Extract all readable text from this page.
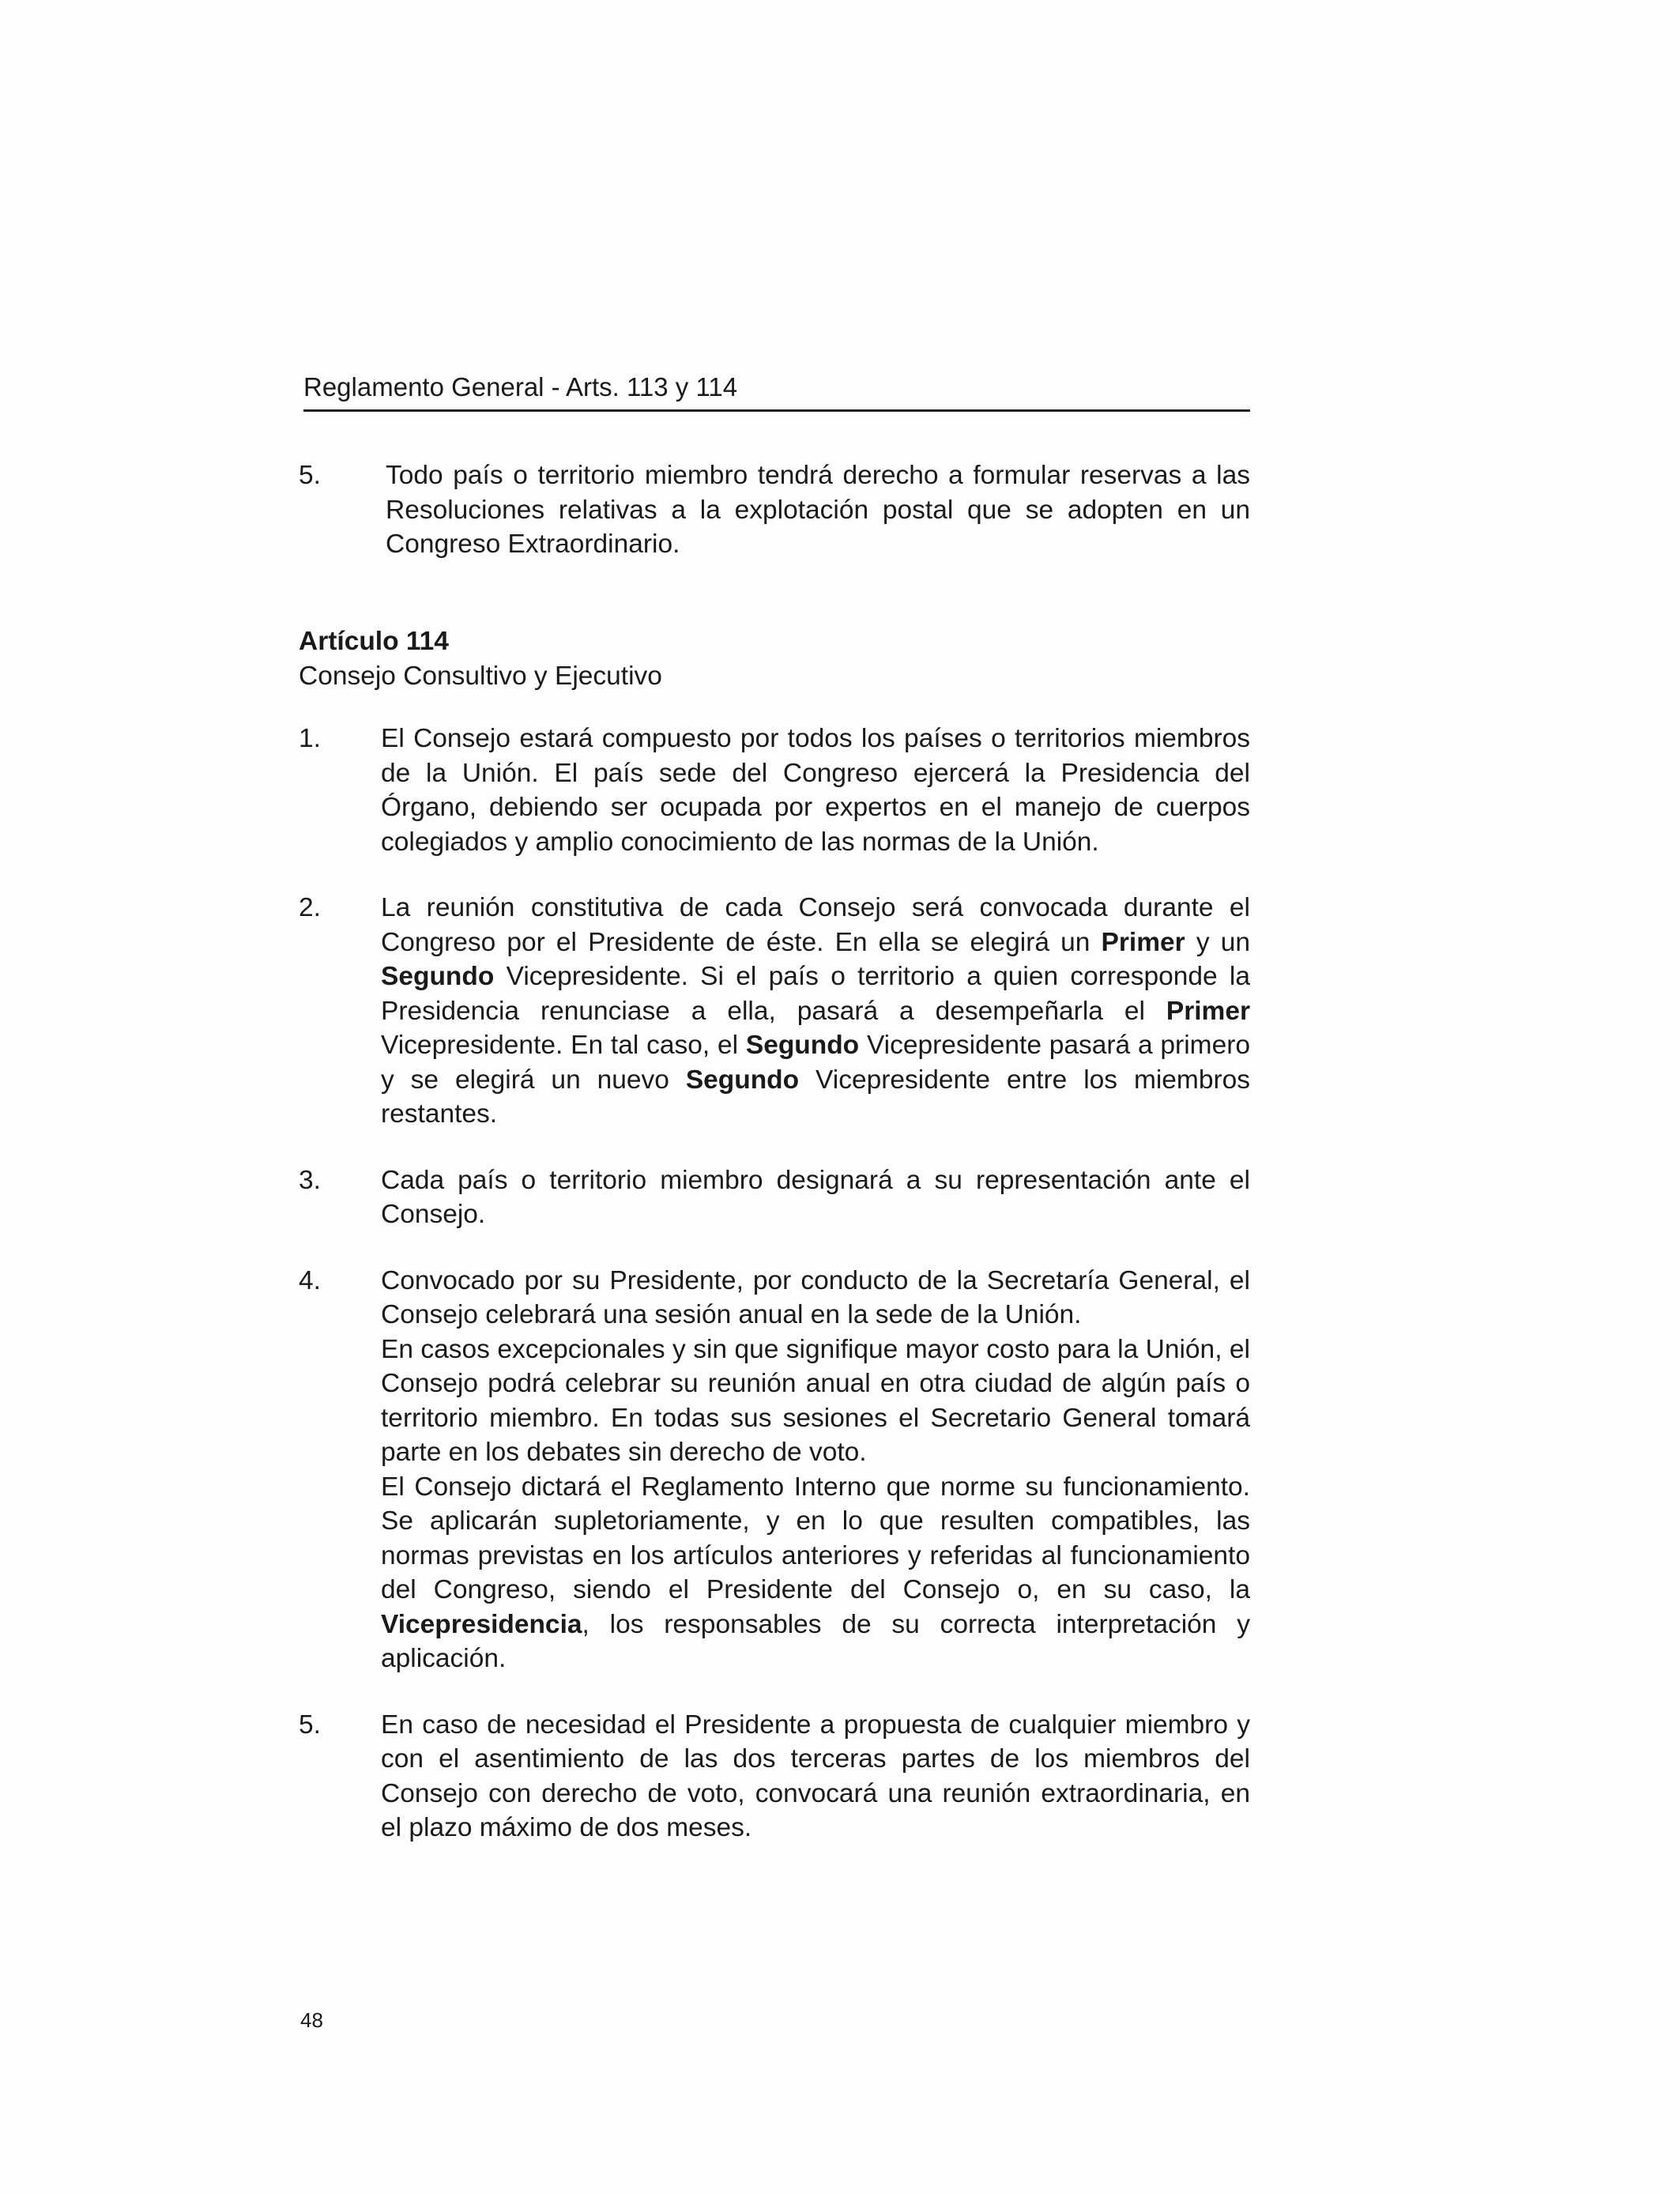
Reglamento General - Arts. 113 y 114
5.	Todo país o territorio miembro tendrá derecho a formular reservas a las Resoluciones relativas a la explotación postal que se adopten en un Congreso Extraordinario.
Artículo 114
Consejo Consultivo y Ejecutivo
1.	El Consejo estará compuesto por todos los países o territorios miembros de la Unión. El país sede del Congreso ejercerá la Presidencia del Órgano, debiendo ser ocupada por expertos en el manejo de cuerpos colegiados y amplio conocimiento de las normas de la Unión.
2.	La reunión constitutiva de cada Consejo será convocada durante el Congreso por el Presidente de éste. En ella se elegirá un Primer y un Segundo Vicepresidente. Si el país o territorio a quien corresponde la Presidencia renunciase a ella, pasará a desempeñarla el Primer Vicepresidente. En tal caso, el Segundo Vicepresidente pasará a primero y se elegirá un nuevo Segundo Vicepresidente entre los miembros restantes.
3.	Cada país o territorio miembro designará a su representación ante el Consejo.
4.	Convocado por su Presidente, por conducto de la Secretaría General, el Consejo celebrará una sesión anual en la sede de la Unión.
En casos excepcionales y sin que signifique mayor costo para la Unión, el Consejo podrá celebrar su reunión anual en otra ciudad de algún país o territorio miembro. En todas sus sesiones el Secretario General tomará parte en los debates sin derecho de voto.
El Consejo dictará el Reglamento Interno que norme su funcionamiento. Se aplicarán supletoriamente, y en lo que resulten compatibles, las normas previstas en los artículos anteriores y referidas al funcionamiento del Congreso, siendo el Presidente del Consejo o, en su caso, la Vicepresidencia, los responsables de su correcta interpretación y aplicación.
5.	En caso de necesidad el Presidente a propuesta de cualquier miembro y con el asentimiento de las dos terceras partes de los miembros del Consejo con derecho de voto, convocará una reunión extraordinaria, en el plazo máximo de dos meses.
48
